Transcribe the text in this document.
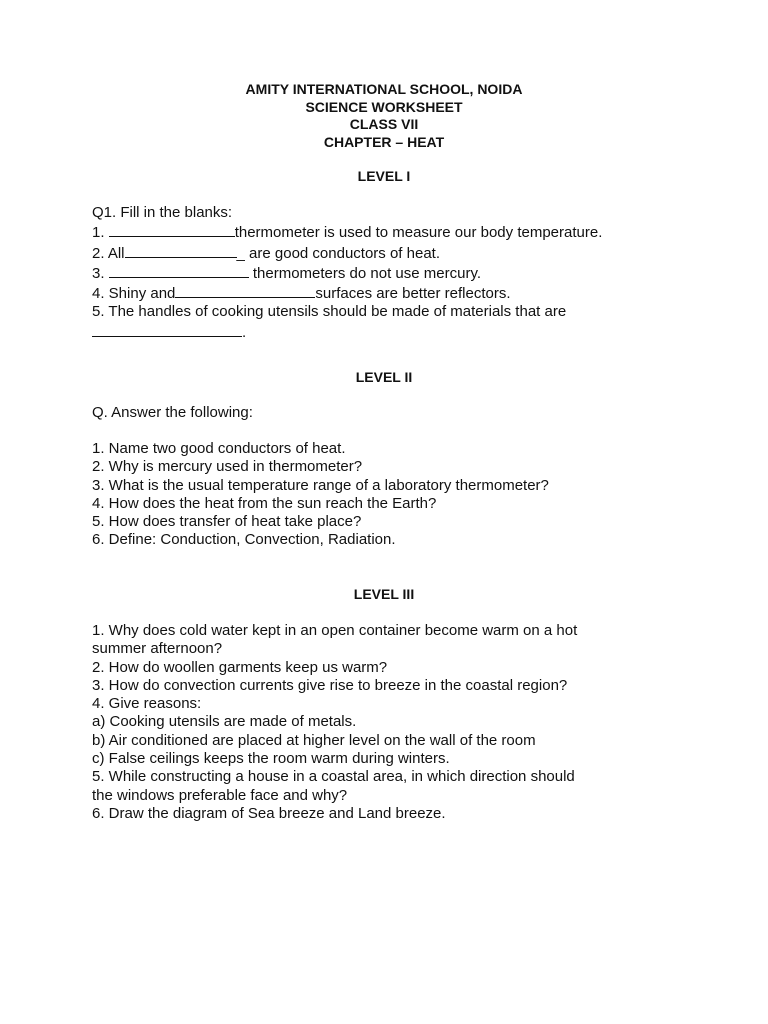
AMITY INTERNATIONAL SCHOOL, NOIDA
SCIENCE WORKSHEET
CLASS VII
CHAPTER – HEAT
LEVEL I
Q1. Fill in the blanks:
1.	thermometer is used to measure our body temperature.
2. All	_ are good conductors of heat.
3.	thermometers do not use mercury.
4. Shiny and	surfaces are better reflectors.
5. The handles of cooking utensils should be made of materials that are
.
LEVEL II
Q. Answer the following:
1. Name two good conductors of heat.
2. Why is mercury used in thermometer?
3. What is the usual temperature range of a laboratory thermometer?
4. How does the heat from the sun reach the Earth?
5. How does transfer of heat take place?
6. Define: Conduction, Convection, Radiation.
LEVEL III
1. Why does cold water kept in an open container become warm on a hot
summer afternoon?
2. How do woollen garments keep us warm?
3. How do convection currents give rise to breeze in the coastal region?
4. Give reasons:
a) Cooking utensils are made of metals.
b) Air conditioned are placed at higher level on the wall of the room
c) False ceilings keeps the room warm during winters.
5. While constructing a house in a coastal area, in which direction should
the windows preferable face and why?
6. Draw the diagram of Sea breeze and Land breeze.
